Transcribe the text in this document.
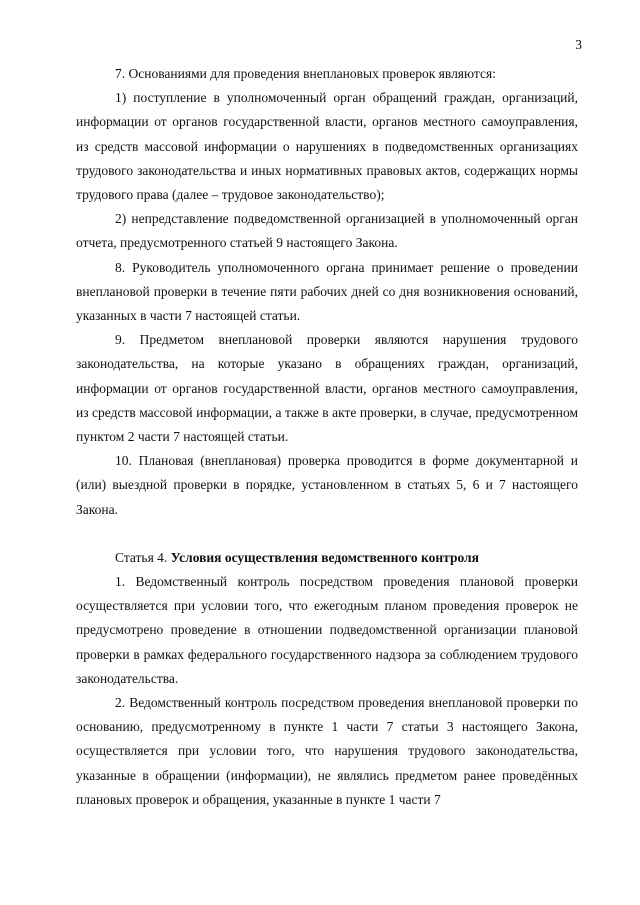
3

7. Основаниями для проведения внеплановых проверок являются:

1) поступление в уполномоченный орган обращений граждан, организаций, информации от органов государственной власти, органов местного самоуправления, из средств массовой информации о нарушениях в подведомственных организациях трудового законодательства и иных нормативных правовых актов, содержащих нормы трудового права (далее – трудовое законодательство);

2) непредставление подведомственной организацией в уполномоченный орган отчета, предусмотренного статьей 9 настоящего Закона.

8. Руководитель уполномоченного органа принимает решение о проведении внеплановой проверки в течение пяти рабочих дней со дня возникновения оснований, указанных в части 7 настоящей статьи.

9. Предметом внеплановой проверки являются нарушения трудового законодательства, на которые указано в обращениях граждан, организаций, информации от органов государственной власти, органов местного самоуправления, из средств массовой информации, а также в акте проверки, в случае, предусмотренном пунктом 2 части 7 настоящей статьи.

10. Плановая (внеплановая) проверка проводится в форме документарной и (или) выездной проверки в порядке, установленном в статьях 5, 6 и 7 настоящего Закона.

Статья 4. Условия осуществления ведомственного контроля

1. Ведомственный контроль посредством проведения плановой проверки осуществляется при условии того, что ежегодным планом проведения проверок не предусмотрено проведение в отношении подведомственной организации плановой проверки в рамках федерального государственного надзора за соблюдением трудового законодательства.

2. Ведомственный контроль посредством проведения внеплановой проверки по основанию, предусмотренному в пункте 1 части 7 статьи 3 настоящего Закона, осуществляется при условии того, что нарушения трудового законодательства, указанные в обращении (информации), не являлись предметом ранее проведённых плановых проверок и обращения, указанные в пункте 1 части 7
